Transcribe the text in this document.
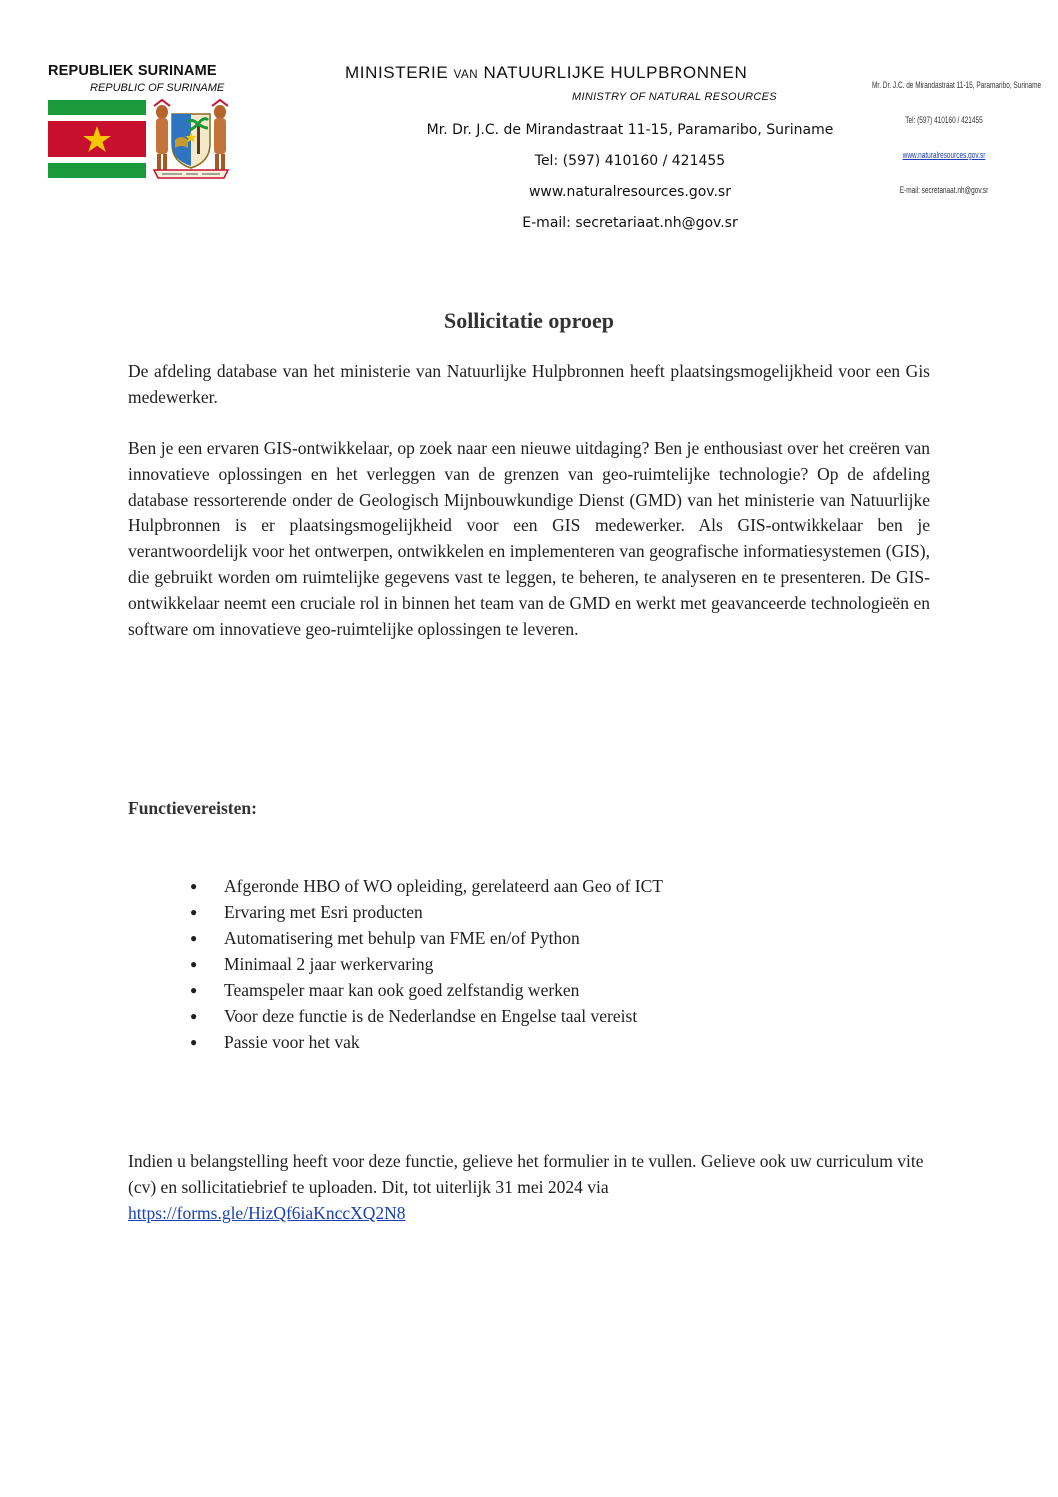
REPUBLIEK SURINAME
REPUBLIC OF SURINAME
MINISTERIE VAN NATUURLIJKE HULPBRONNEN
MINISTRY OF NATURAL RESOURCES
Mr. Dr. J.C. de Mirandastraat 11-15, Paramaribo, Suriname
Tel: (597) 410160 / 421455
www.naturalresources.gov.sr
E-mail: secretariaat.nh@gov.sr
Mr. Dr. J.C. de Mirandastraat 11-15, Paramaribo, Suriname
Tel: (597) 410160 / 421455
www.naturalresources.gov.sr
E-mail: secretariaat.nh@gov.sr
Sollicitatie oproep
De afdeling database van het ministerie van Natuurlijke Hulpbronnen heeft plaatsingsmogelijkheid voor een Gis medewerker.
Ben je een ervaren GIS-ontwikkelaar, op zoek naar een nieuwe uitdaging? Ben je enthousiast over het creëren van innovatieve oplossingen en het verleggen van de grenzen van geo-ruimtelijke technologie? Op de afdeling database ressorterende onder de Geologisch Mijnbouwkundige Dienst (GMD) van het ministerie van Natuurlijke Hulpbronnen is er plaatsingsmogelijkheid voor een GIS medewerker. Als GIS-ontwikkelaar ben je verantwoordelijk voor het ontwerpen, ontwikkelen en implementeren van geografische informatiesystemen (GIS), die gebruikt worden om ruimtelijke gegevens vast te leggen, te beheren, te analyseren en te presenteren. De GIS-ontwikkelaar neemt een cruciale rol in binnen het team van de GMD en werkt met geavanceerde technologieën en software om innovatieve geo-ruimtelijke oplossingen te leveren.
Functievereisten:
● Afgeronde HBO of WO opleiding, gerelateerd aan Geo of ICT
● Ervaring met Esri producten
● Automatisering met behulp van FME en/of Python
● Minimaal 2 jaar werkervaring
● Teamspeler maar kan ook goed zelfstandig werken
● Voor deze functie is de Nederlandse en Engelse taal vereist
● Passie voor het vak
Indien u belangstelling heeft voor deze functie, gelieve het formulier in te vullen. Gelieve ook uw curriculum vite (cv) en sollicitatiebrief te uploaden. Dit, tot uiterlijk 31 mei 2024 via
https://forms.gle/HizQf6iaKnccXQ2N8
